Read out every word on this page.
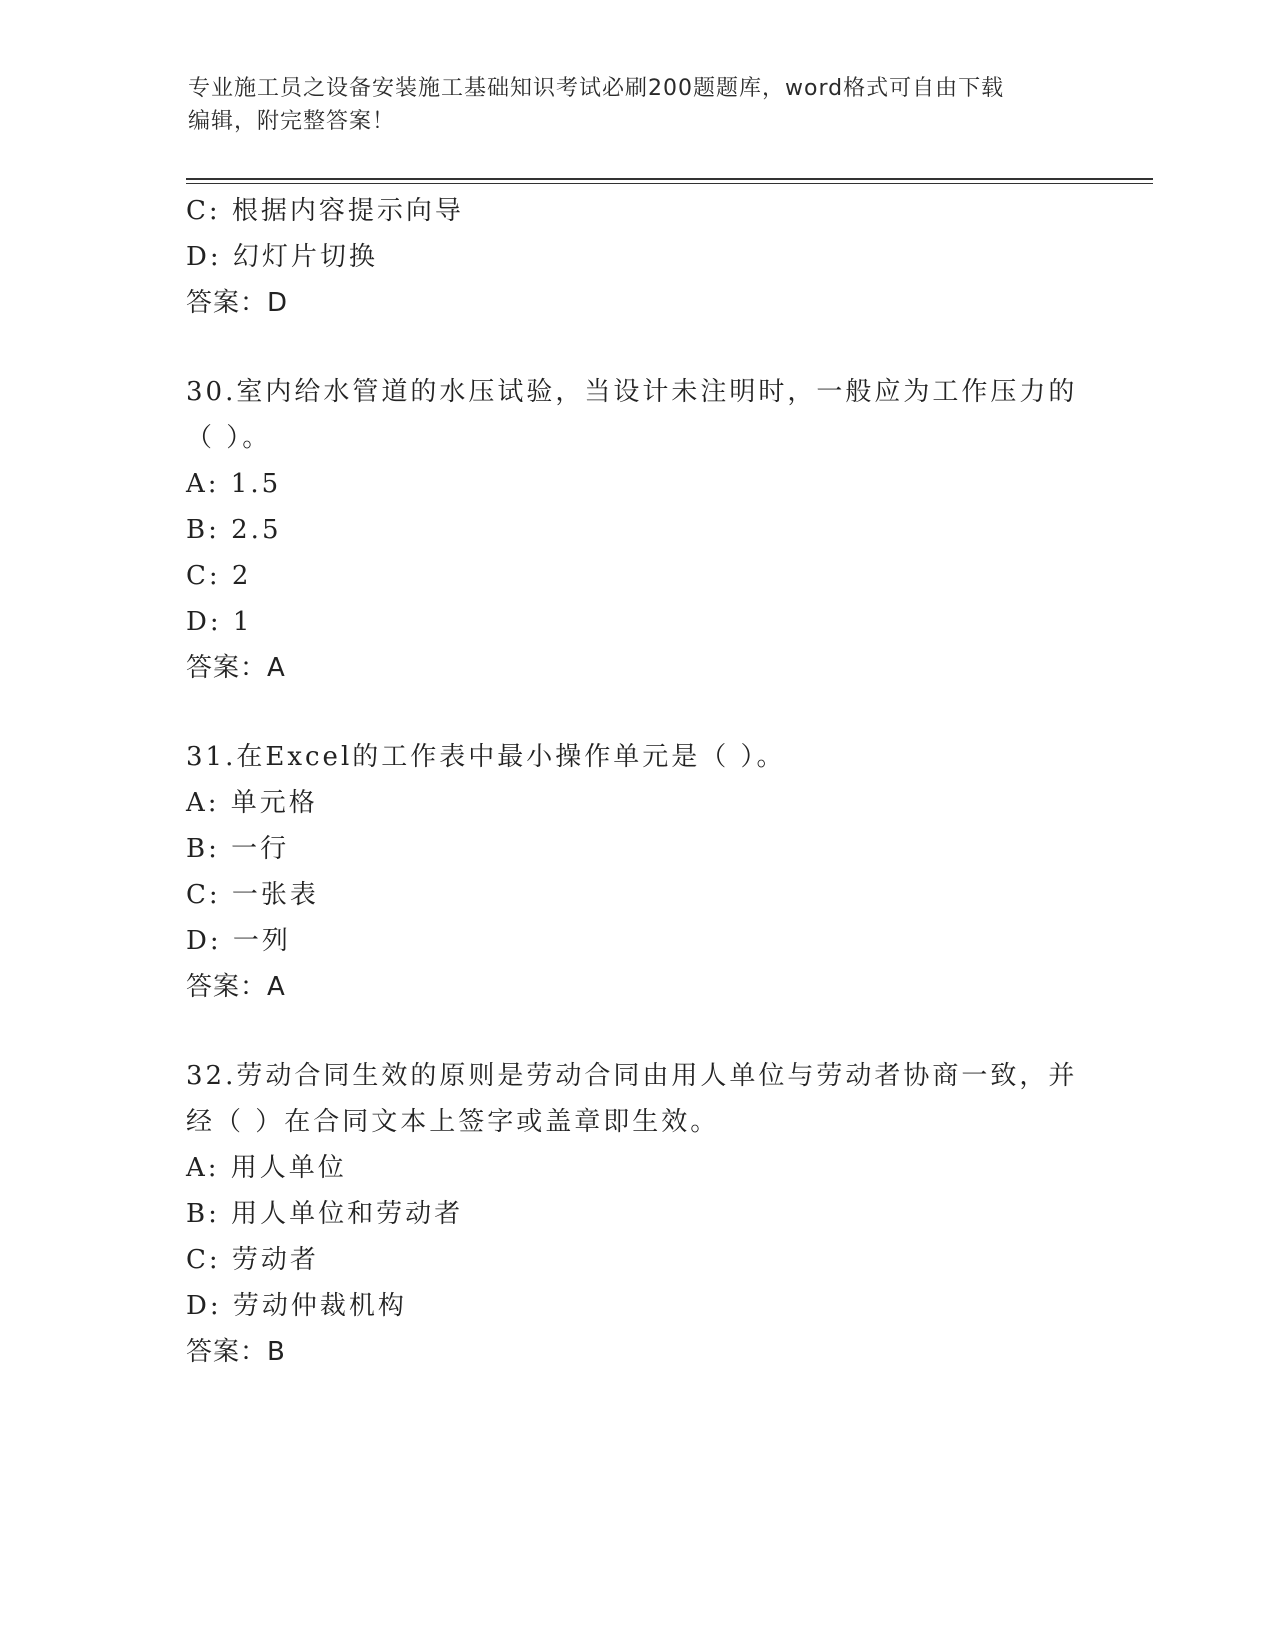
专业施工员之设备安装施工基础知识考试必刷200题题库，word格式可自由下载
编辑，附完整答案！
C: 根据内容提示向导
D: 幻灯片切换
答案：D
30.室内给水管道的水压试验，当设计未注明时，一般应为工作压力的
（ ）。
A: 1.5
B: 2.5
C: 2
D: 1
答案：A
31.在Excel的工作表中最小操作单元是（ ）。
A: 单元格
B: 一行
C: 一张表
D: 一列
答案：A
32.劳动合同生效的原则是劳动合同由用人单位与劳动者协商一致，并
经（ ）在合同文本上签字或盖章即生效。
A: 用人单位
B: 用人单位和劳动者
C: 劳动者
D: 劳动仲裁机构
答案：B
